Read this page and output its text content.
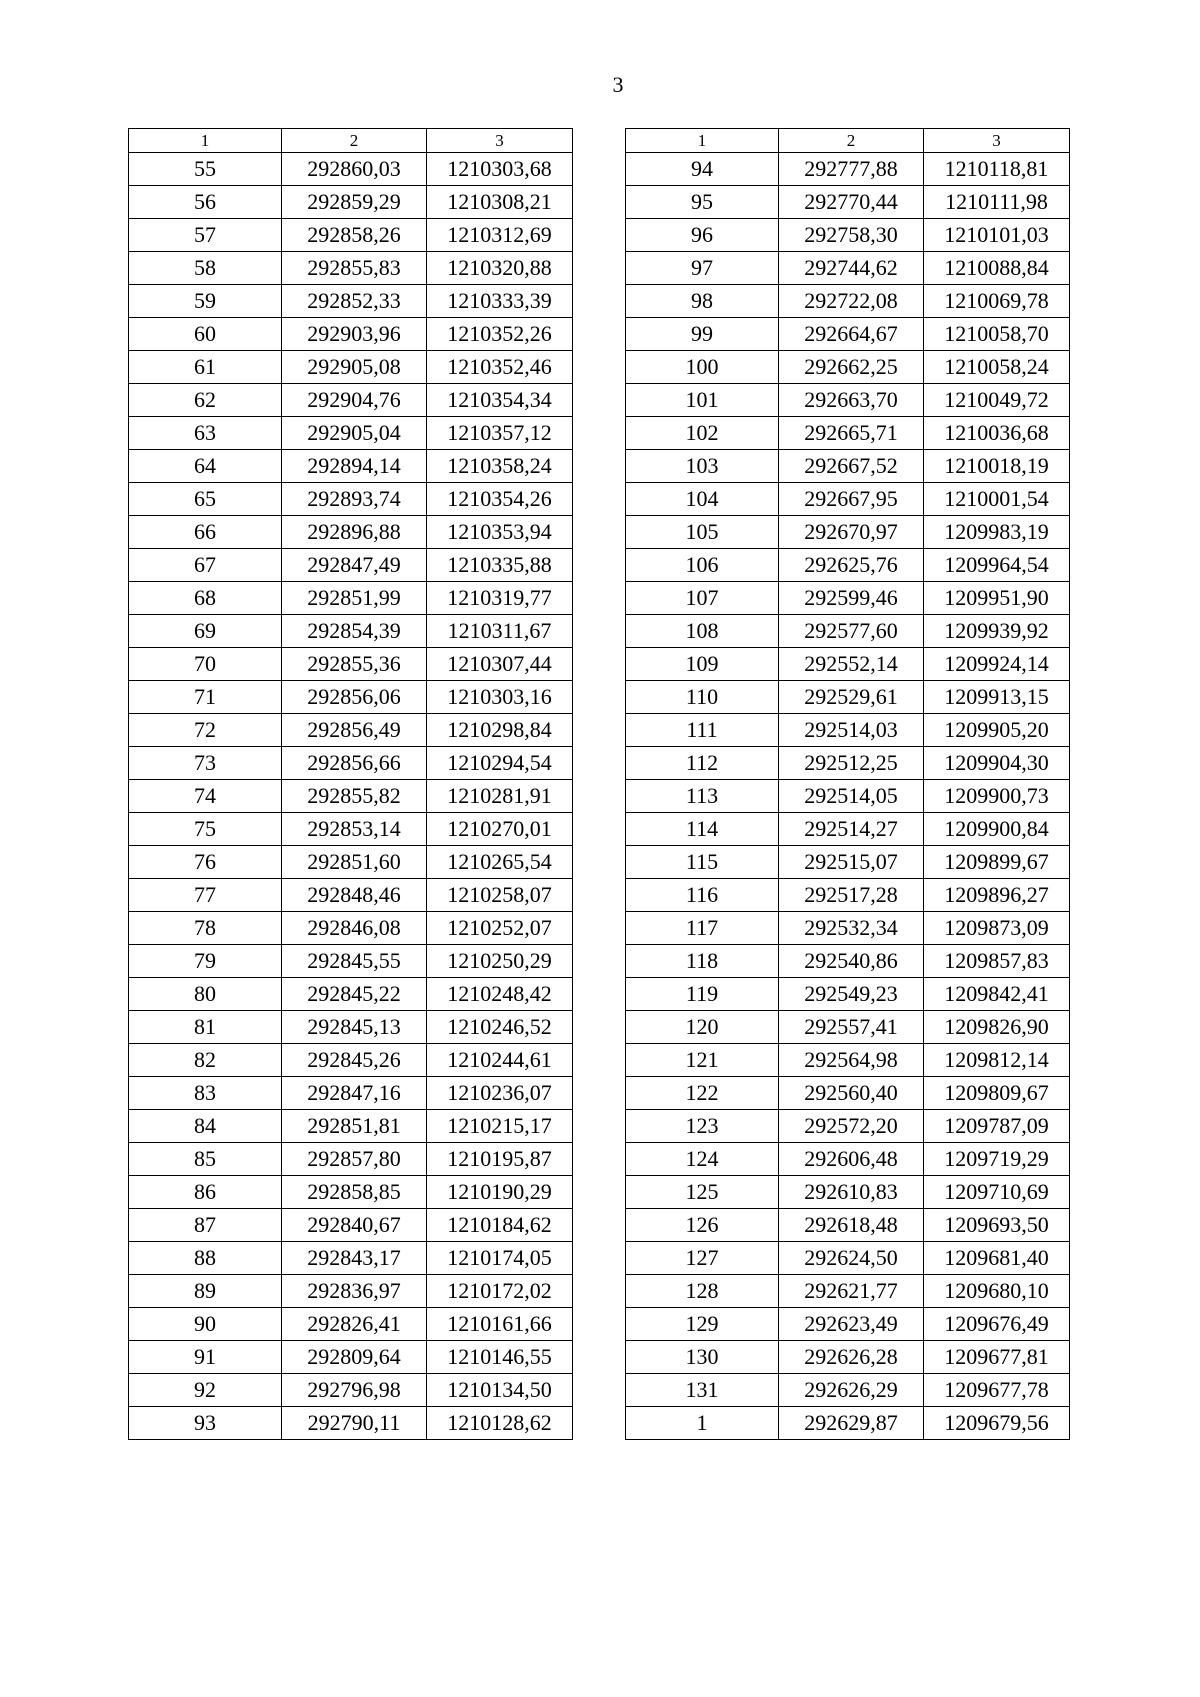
3
1	2	3
55	292860,03	1210303,68
56	292859,29	1210308,21
57	292858,26	1210312,69
58	292855,83	1210320,88
59	292852,33	1210333,39
60	292903,96	1210352,26
61	292905,08	1210352,46
62	292904,76	1210354,34
63	292905,04	1210357,12
64	292894,14	1210358,24
65	292893,74	1210354,26
66	292896,88	1210353,94
67	292847,49	1210335,88
68	292851,99	1210319,77
69	292854,39	1210311,67
70	292855,36	1210307,44
71	292856,06	1210303,16
72	292856,49	1210298,84
73	292856,66	1210294,54
74	292855,82	1210281,91
75	292853,14	1210270,01
76	292851,60	1210265,54
77	292848,46	1210258,07
78	292846,08	1210252,07
79	292845,55	1210250,29
80	292845,22	1210248,42
81	292845,13	1210246,52
82	292845,26	1210244,61
83	292847,16	1210236,07
84	292851,81	1210215,17
85	292857,80	1210195,87
86	292858,85	1210190,29
87	292840,67	1210184,62
88	292843,17	1210174,05
89	292836,97	1210172,02
90	292826,41	1210161,66
91	292809,64	1210146,55
92	292796,98	1210134,50
93	292790,11	1210128,62
1	2	3
94	292777,88	1210118,81
95	292770,44	1210111,98
96	292758,30	1210101,03
97	292744,62	1210088,84
98	292722,08	1210069,78
99	292664,67	1210058,70
100	292662,25	1210058,24
101	292663,70	1210049,72
102	292665,71	1210036,68
103	292667,52	1210018,19
104	292667,95	1210001,54
105	292670,97	1209983,19
106	292625,76	1209964,54
107	292599,46	1209951,90
108	292577,60	1209939,92
109	292552,14	1209924,14
110	292529,61	1209913,15
111	292514,03	1209905,20
112	292512,25	1209904,30
113	292514,05	1209900,73
114	292514,27	1209900,84
115	292515,07	1209899,67
116	292517,28	1209896,27
117	292532,34	1209873,09
118	292540,86	1209857,83
119	292549,23	1209842,41
120	292557,41	1209826,90
121	292564,98	1209812,14
122	292560,40	1209809,67
123	292572,20	1209787,09
124	292606,48	1209719,29
125	292610,83	1209710,69
126	292618,48	1209693,50
127	292624,50	1209681,40
128	292621,77	1209680,10
129	292623,49	1209676,49
130	292626,28	1209677,81
131	292626,29	1209677,78
1	292629,87	1209679,56
